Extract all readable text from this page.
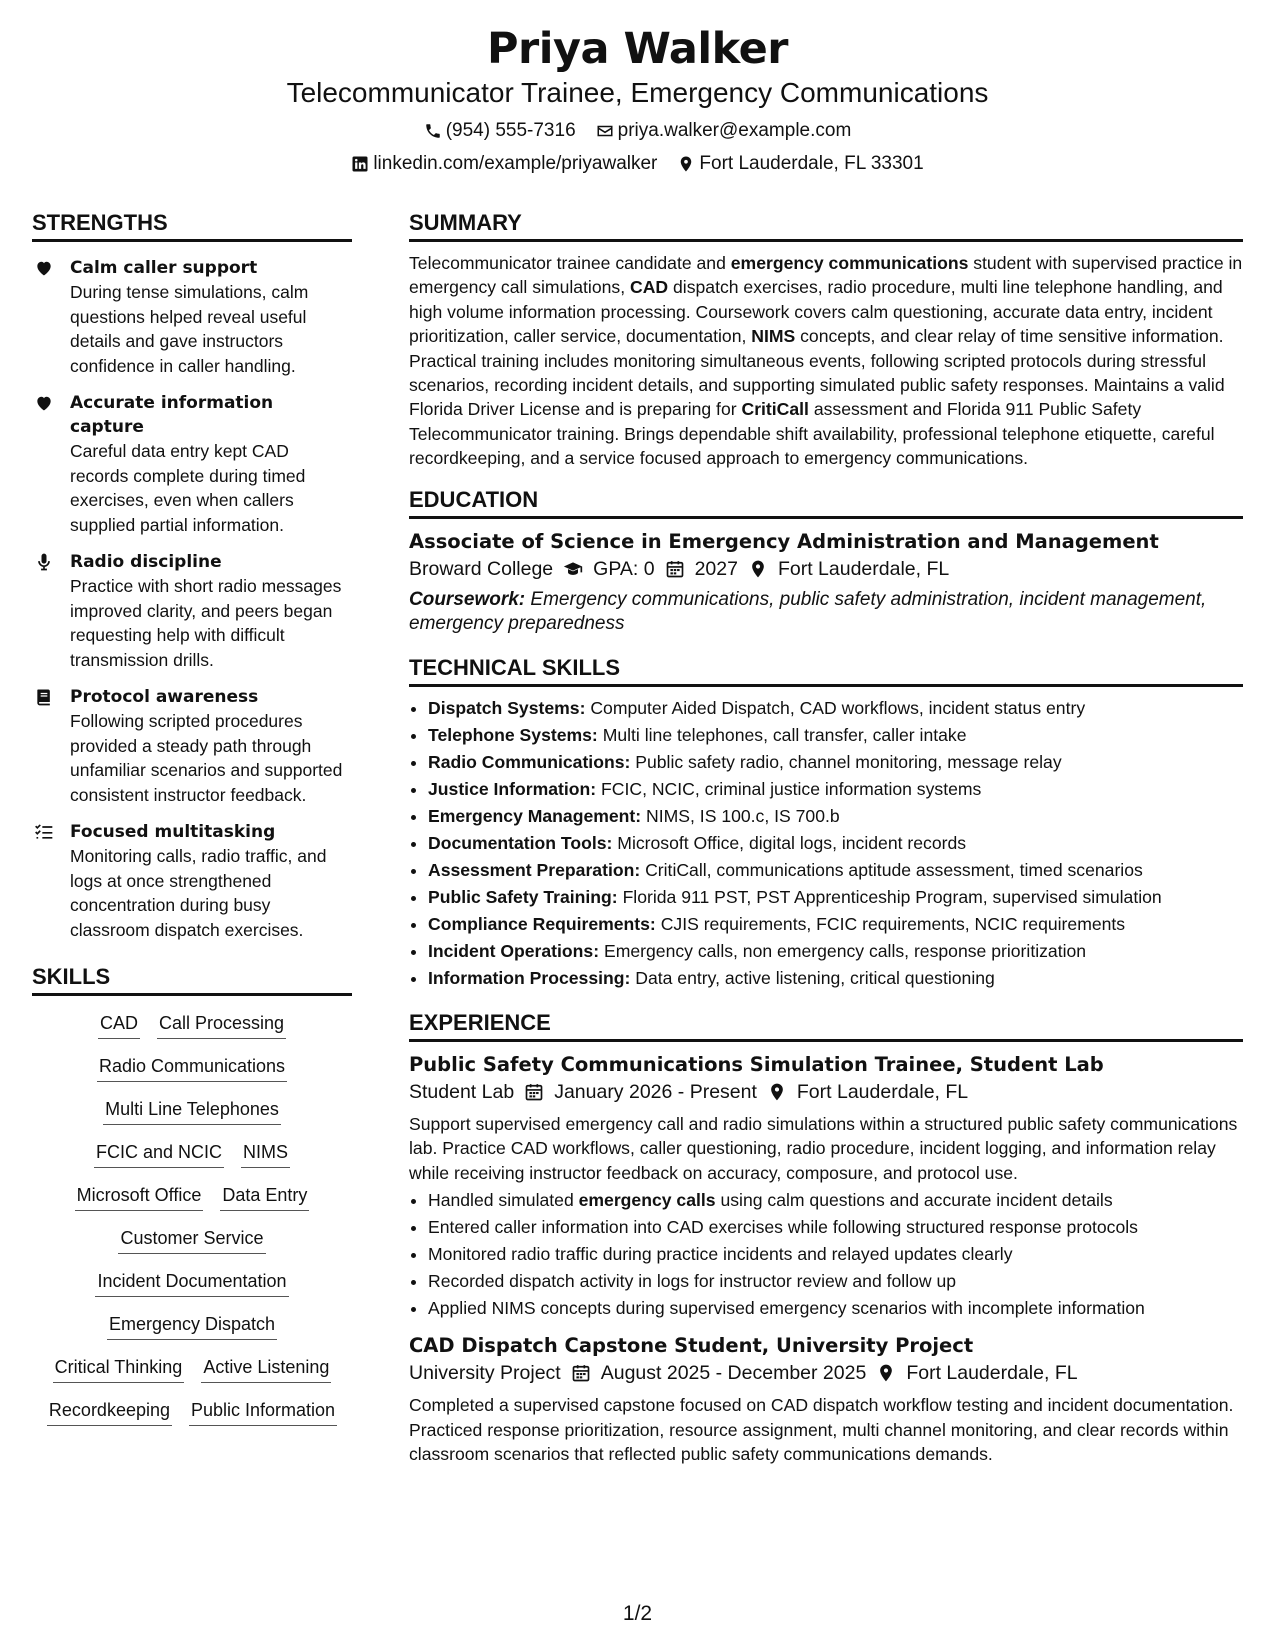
Priya Walker
Telecommunicator Trainee, Emergency Communications
(954) 555-7316 priya.walker@example.com
linkedin.com/example/priyawalker Fort Lauderdale, FL 33301
STRENGTHS
Calm caller support
During tense simulations, calm questions helped reveal useful details and gave instructors confidence in caller handling.
Accurate information capture
Careful data entry kept CAD records complete during timed exercises, even when callers supplied partial information.
Radio discipline
Practice with short radio messages improved clarity, and peers began requesting help with difficult transmission drills.
Protocol awareness
Following scripted procedures provided a steady path through unfamiliar scenarios and supported consistent instructor feedback.
Focused multitasking
Monitoring calls, radio traffic, and logs at once strengthened concentration during busy classroom dispatch exercises.
SKILLS
CAD Call Processing
Radio Communications
Multi Line Telephones
FCIC and NCIC NIMS
Microsoft Office Data Entry
Customer Service
Incident Documentation
Emergency Dispatch
Critical Thinking Active Listening
Recordkeeping Public Information
SUMMARY

Telecommunicator trainee candidate and emergency communications student with supervised practice in emergency call simulations, CAD dispatch exercises, radio procedure, multi line telephone handling, and high volume information processing. Coursework covers calm questioning, accurate data entry, incident prioritization, caller service, documentation, NIMS concepts, and clear relay of time sensitive information. Practical training includes monitoring simultaneous events, following scripted protocols during stressful scenarios, recording incident details, and supporting simulated public safety responses. Maintains a valid Florida Driver License and is preparing for CritiCall assessment and Florida 911 Public Safety Telecommunicator training. Brings dependable shift availability, professional telephone etiquette, careful recordkeeping, and a service focused approach to emergency communications.

EDUCATION
Associate of Science in Emergency Administration and Management
Broward College GPA: 0 2027 Fort Lauderdale, FL
Coursework: Emergency communications, public safety administration, incident management, emergency preparedness
TECHNICAL SKILLS
• Dispatch Systems: Computer Aided Dispatch, CAD workflows, incident status entry
• Telephone Systems: Multi line telephones, call transfer, caller intake
• Radio Communications: Public safety radio, channel monitoring, message relay
• Justice Information: FCIC, NCIC, criminal justice information systems
• Emergency Management: NIMS, IS 100.c, IS 700.b
• Documentation Tools: Microsoft Office, digital logs, incident records
• Assessment Preparation: CritiCall, communications aptitude assessment, timed scenarios
• Public Safety Training: Florida 911 PST, PST Apprenticeship Program, supervised simulation
• Compliance Requirements: CJIS requirements, FCIC requirements, NCIC requirements
• Incident Operations: Emergency calls, non emergency calls, response prioritization
• Information Processing: Data entry, active listening, critical questioning
EXPERIENCE
Public Safety Communications Simulation Trainee, Student Lab
Student Lab January 2026 - Present Fort Lauderdale, FL
Support supervised emergency call and radio simulations within a structured public safety communications lab. Practice CAD workflows, caller questioning, radio procedure, incident logging, and information relay while receiving instructor feedback on accuracy, composure, and protocol use.
• Handled simulated emergency calls using calm questions and accurate incident details
• Entered caller information into CAD exercises while following structured response protocols
• Monitored radio traffic during practice incidents and relayed updates clearly
• Recorded dispatch activity in logs for instructor review and follow up
• Applied NIMS concepts during supervised emergency scenarios with incomplete information
CAD Dispatch Capstone Student, University Project
University Project August 2025 - December 2025 Fort Lauderdale, FL
Completed a supervised capstone focused on CAD dispatch workflow testing and incident documentation. Practiced response prioritization, resource assignment, multi channel monitoring, and clear records within classroom scenarios that reflected public safety communications demands.
1/2
